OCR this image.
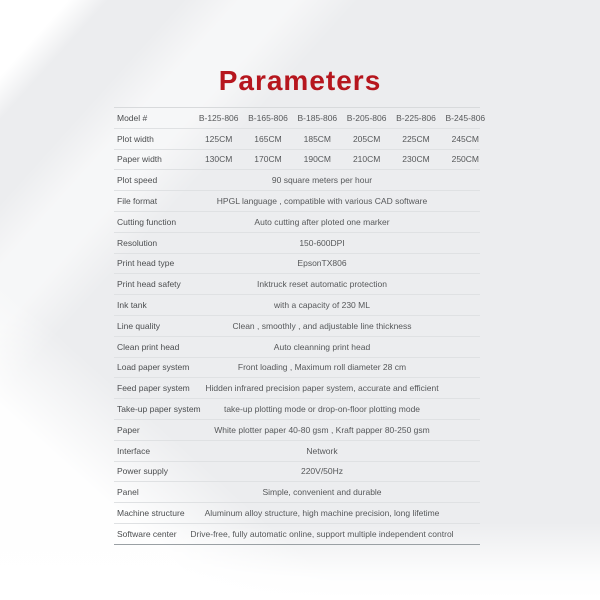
Parameters
Model #	B-125-806	B-165-806	B-185-806	B-205-806	B-225-806	B-245-806
Plot width	125CM	165CM	185CM	205CM	225CM	245CM
Paper width	130CM	170CM	190CM	210CM	230CM	250CM
Plot speed	90 square meters per hour
File format	HPGL language , compatible with various CAD software
Cutting function	Auto cutting after ploted one marker
Resolution	150-600DPI
Print head type	EpsonTX806
Print head safety	Inktruck reset automatic protection
Ink tank	with a capacity of 230 ML
Line quality	Clean , smoothly , and adjustable line thickness
Clean print head	Auto cleanning print head
Load paper system	Front loading , Maximum roll diameter 28 cm
Feed paper system	Hidden infrared precision paper system, accurate and efficient
Take-up paper system	take-up plotting mode or drop-on-floor plotting mode
Paper	White plotter paper 40-80 gsm , Kraft papper 80-250 gsm
Interface	Network
Power supply	220V/50Hz
Panel	Simple, convenient and durable
Machine structure	Aluminum alloy structure, high machine precision, long lifetime
Software center	Drive-free, fully automatic online, support multiple independent control
